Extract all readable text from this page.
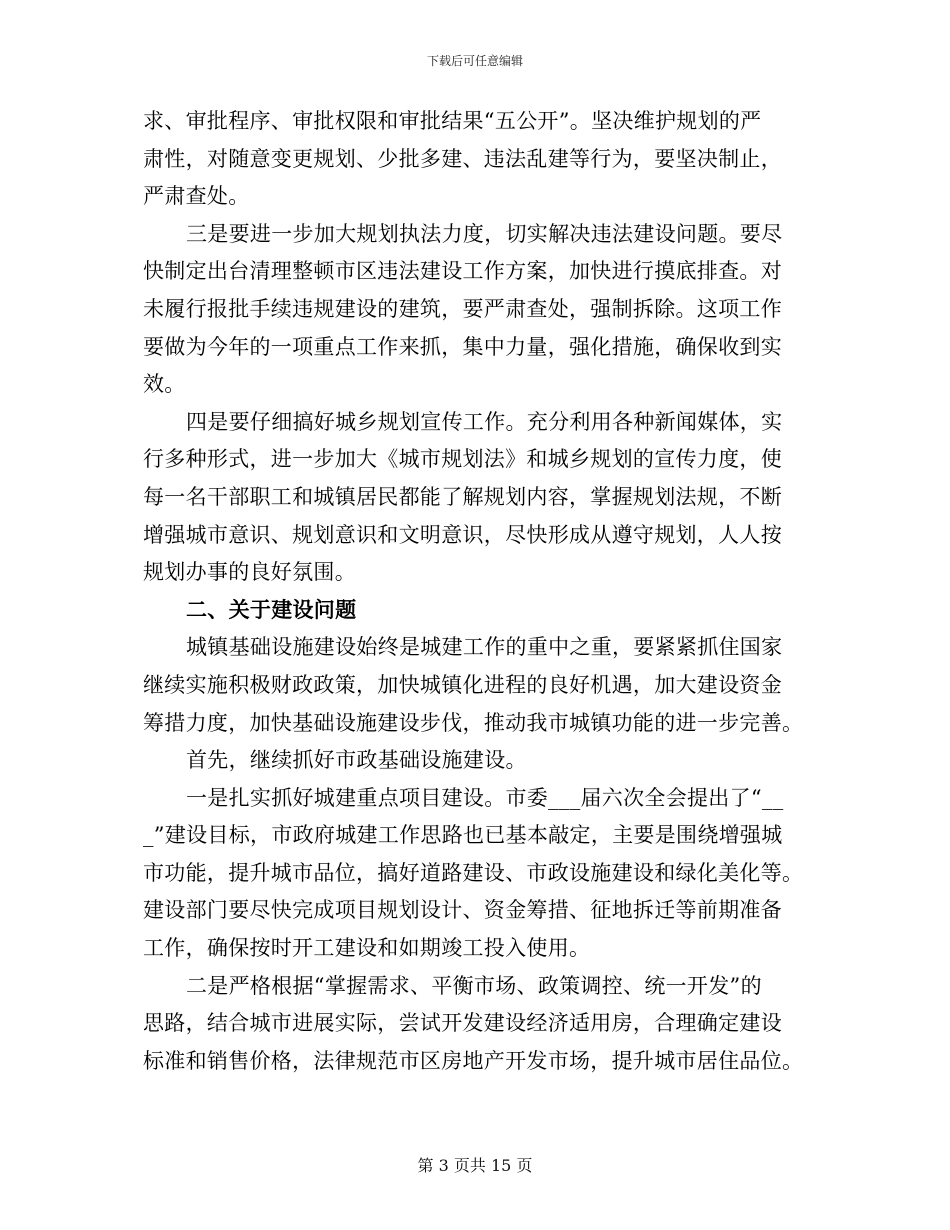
下载后可任意编辑
求、审批程序、审批权限和审批结果“五公开”。坚决维护规划的严
肃性，对随意变更规划、少批多建、违法乱建等行为，要坚决制止，
严肃查处。
三是要进一步加大规划执法力度，切实解决违法建设问题。要尽
快制定出台清理整顿市区违法建设工作方案，加快进行摸底排查。对
未履行报批手续违规建设的建筑，要严肃查处，强制拆除。这项工作
要做为今年的一项重点工作来抓，集中力量，强化措施，确保收到实
效。
四是要仔细搞好城乡规划宣传工作。充分利用各种新闻媒体，实
行多种形式，进一步加大《城市规划法》和城乡规划的宣传力度，使
每一名干部职工和城镇居民都能了解规划内容，掌握规划法规，不断
增强城市意识、规划意识和文明意识，尽快形成从遵守规划，人人按
规划办事的良好氛围。
二、关于建设问题
城镇基础设施建设始终是城建工作的重中之重，要紧紧抓住国家
继续实施积极财政政策，加快城镇化进程的良好机遇，加大建设资金
筹措力度，加快基础设施建设步伐，推动我市城镇功能的进一步完善。
首先，继续抓好市政基础设施建设。
一是扎实抓好城建重点项目建设。市委___届六次全会提出了“__
_”建设目标，市政府城建工作思路也已基本敲定，主要是围绕增强城
市功能，提升城市品位，搞好道路建设、市政设施建设和绿化美化等。
建设部门要尽快完成项目规划设计、资金筹措、征地拆迁等前期准备
工作，确保按时开工建设和如期竣工投入使用。
二是严格根据“掌握需求、平衡市场、政策调控、统一开发”的
思路，结合城市进展实际，尝试开发建设经济适用房，合理确定建设
标准和销售价格，法律规范市区房地产开发市场，提升城市居住品位。
第 3 页共 15 页
